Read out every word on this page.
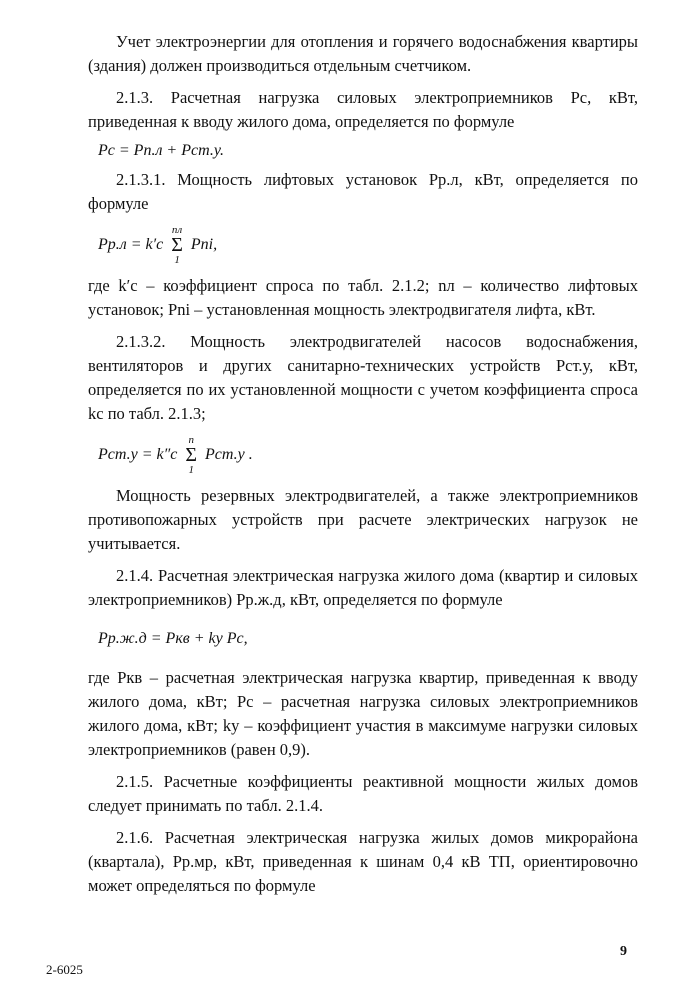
Учет электроэнергии для отопления и горячего водоснабжения квартиры (здания) должен производиться отдельным счетчиком.

2.1.3. Расчетная нагрузка силовых электроприемников Pс, кВт, приведенная к вводу жилого дома, определяется по формуле

Pс = Pп.л + Pст.у.

2.1.3.1. Мощность лифтовых установок Pр.л, кВт, определяется по формуле

Pр.л = k′с
nл
Σ
1
Pnі,

где k′с – коэффициент спроса по табл. 2.1.2; nл – количество лифтовых установок; Pnі – установленная мощность электродвигателя лифта, кВт.

2.1.3.2. Мощность электродвигателей насосов водоснабжения, вентиляторов и других санитарно-технических устройств Pст.у, кВт, определяется по их установленной мощности с учетом коэффициента спроса kс по табл. 2.1.3;

Pст.у = k″с
n
Σ
1
Pст.у .

Мощность резервных электродвигателей, а также электроприемников противопожарных устройств при расчете электрических нагрузок не учитывается.

2.1.4. Расчетная электрическая нагрузка жилого дома (квартир и силовых электроприемников) Pр.ж.д, кВт, определяется по формуле

Pр.ж.д = Pкв + kу Pс,

где Pкв – расчетная электрическая нагрузка квартир, приведенная к вводу жилого дома, кВт; Pс – расчетная нагрузка силовых электроприемников жилого дома, кВт; kу – коэффициент участия в максимуме нагрузки силовых электроприемников (равен 0,9).

2.1.5. Расчетные коэффициенты реактивной мощности жилых домов следует принимать по табл. 2.1.4.

2.1.6. Расчетная электрическая нагрузка жилых домов микрорайона (квартала), Pр.мр, кВт, приведенная к шинам 0,4 кВ ТП, ориентировочно может определяться по формуле

2-6025
9
